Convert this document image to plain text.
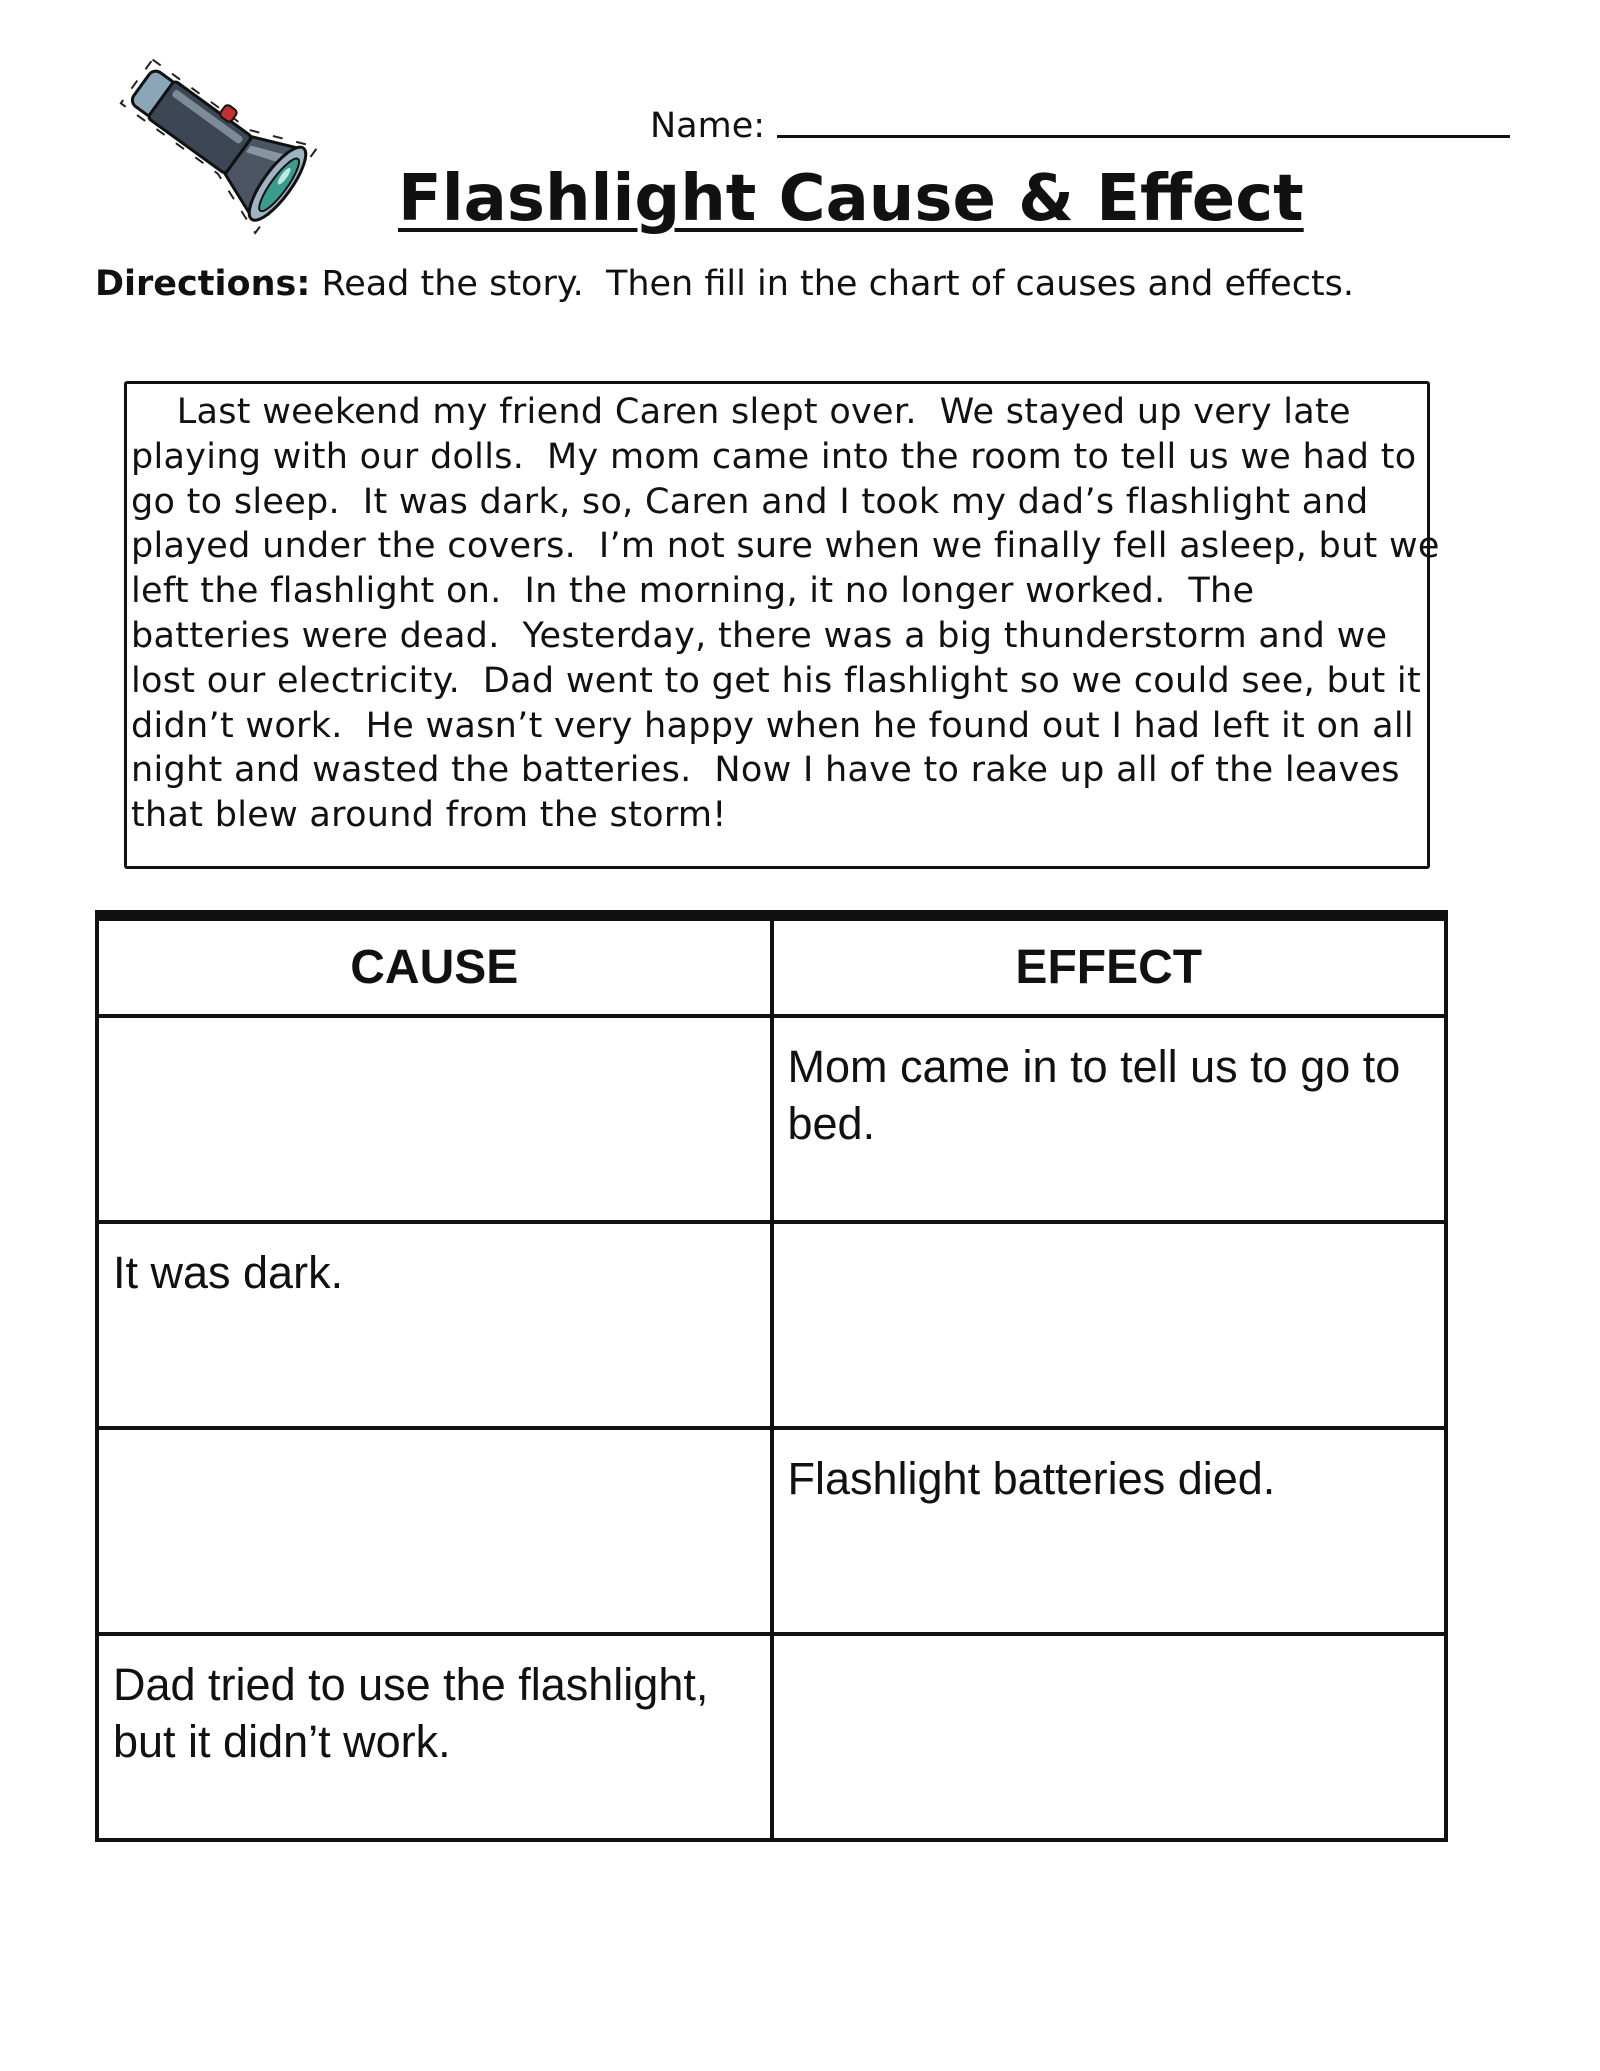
Name:
Flashlight Cause & Effect
Directions: Read the story.  Then fill in the chart of causes and effects.
Last weekend my friend Caren slept over.  We stayed up very late
playing with our dolls.  My mom came into the room to tell us we had to
go to sleep.  It was dark, so, Caren and I took my dad’s flashlight and
played under the covers.  I’m not sure when we finally fell asleep, but we
left the flashlight on.  In the morning, it no longer worked.  The
batteries were dead.  Yesterday, there was a big thunderstorm and we
lost our electricity.  Dad went to get his flashlight so we could see, but it
didn’t work.  He wasn’t very happy when he found out I had left it on all
night and wasted the batteries.  Now I have to rake up all of the leaves
that blew around from the storm!
CAUSE	EFFECT
	Mom came in to tell us to go to bed.
It was dark.	
	Flashlight batteries died.
Dad tried to use the flashlight, but it didn’t work.	
